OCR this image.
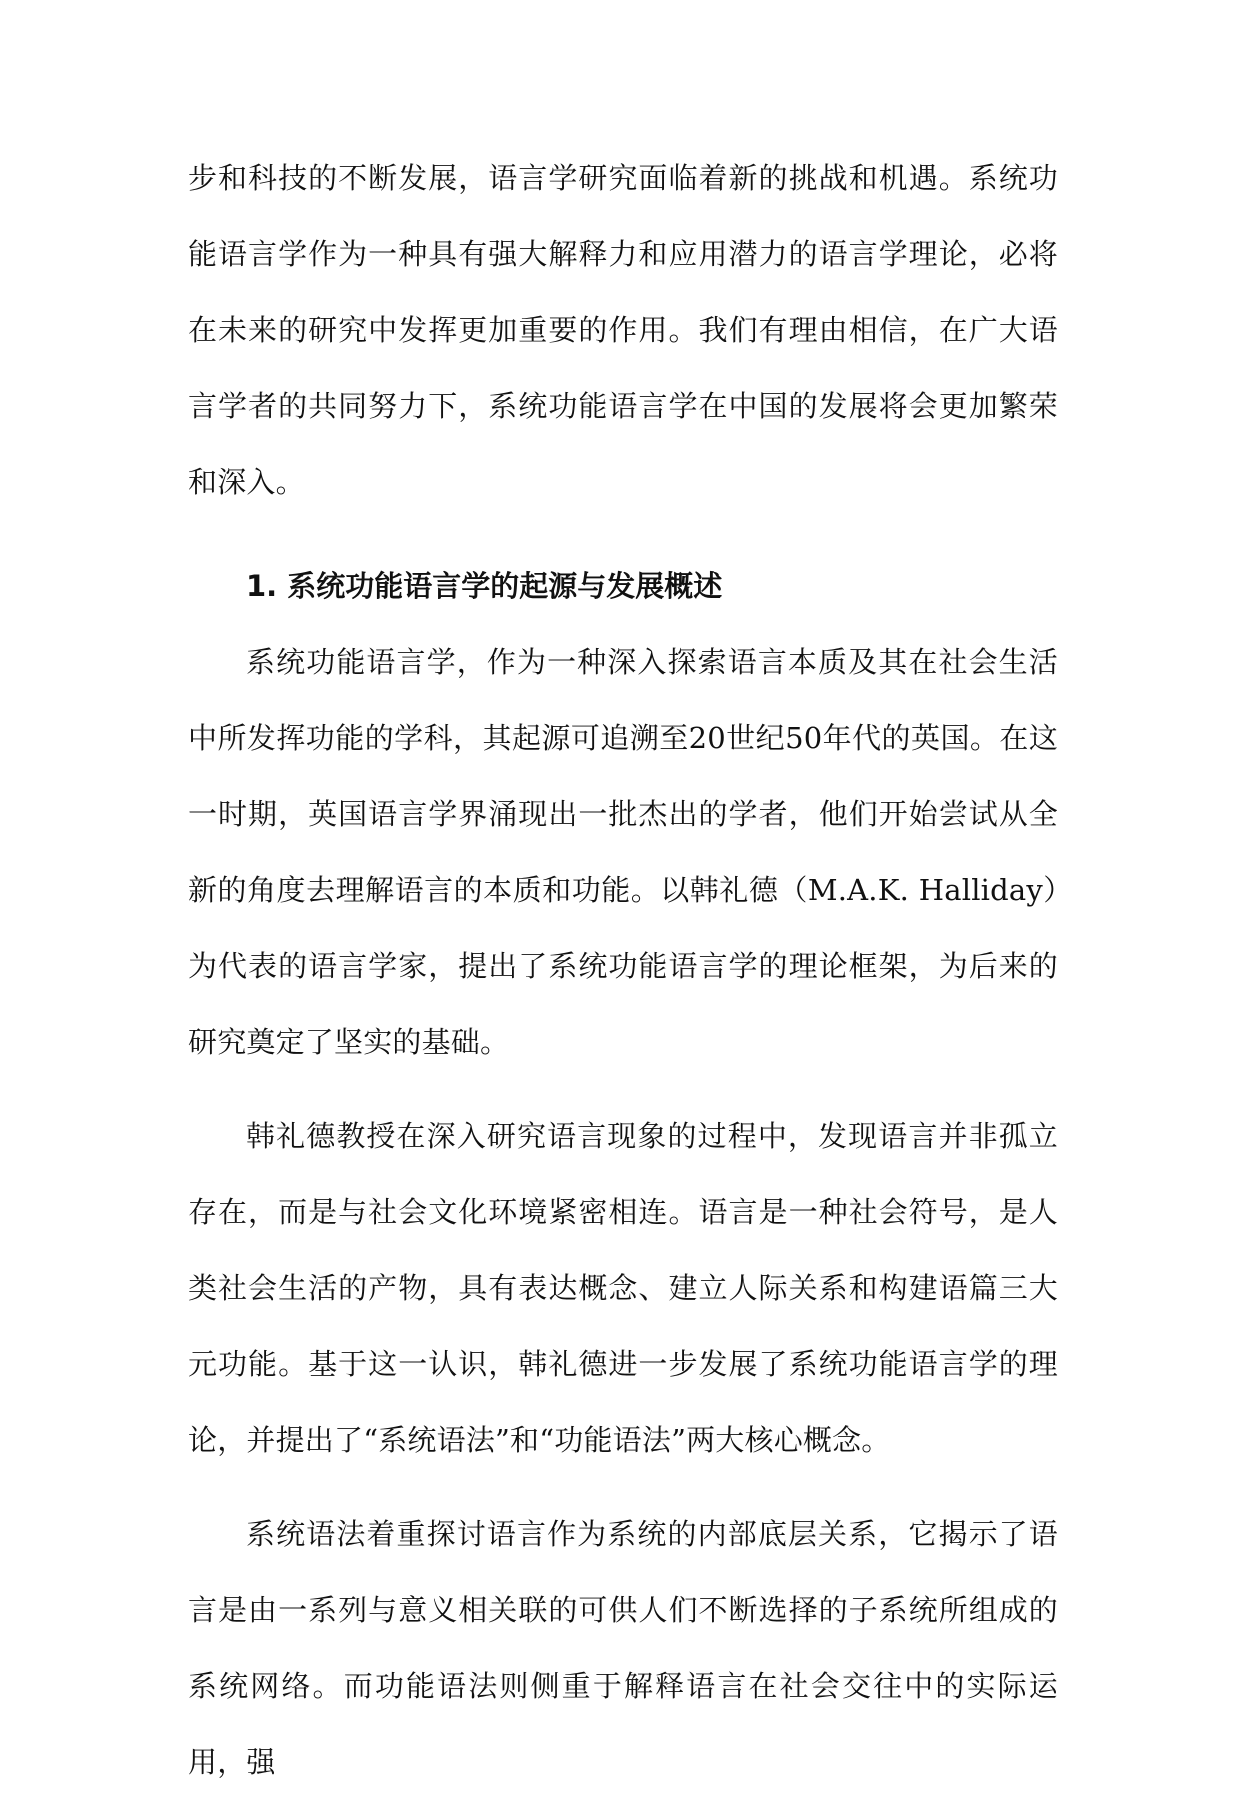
步和科技的不断发展，语言学研究面临着新的挑战和机遇。系统功能语言学作为一种具有强大解释力和应用潜力的语言学理论，必将在未来的研究中发挥更加重要的作用。我们有理由相信，在广大语言学者的共同努力下，系统功能语言学在中国的发展将会更加繁荣和深入。

1. 系统功能语言学的起源与发展概述

系统功能语言学，作为一种深入探索语言本质及其在社会生活中所发挥功能的学科，其起源可追溯至20世纪50年代的英国。在这一时期，英国语言学界涌现出一批杰出的学者，他们开始尝试从全新的角度去理解语言的本质和功能。以韩礼德（M.A.K. Halliday）为代表的语言学家，提出了系统功能语言学的理论框架，为后来的研究奠定了坚实的基础。

韩礼德教授在深入研究语言现象的过程中，发现语言并非孤立存在，而是与社会文化环境紧密相连。语言是一种社会符号，是人类社会生活的产物，具有表达概念、建立人际关系和构建语篇三大元功能。基于这一认识，韩礼德进一步发展了系统功能语言学的理论，并提出了“系统语法”和“功能语法”两大核心概念。

系统语法着重探讨语言作为系统的内部底层关系，它揭示了语言是由一系列与意义相关联的可供人们不断选择的子系统所组成的系统网络。而功能语法则侧重于解释语言在社会交往中的实际运用，强
